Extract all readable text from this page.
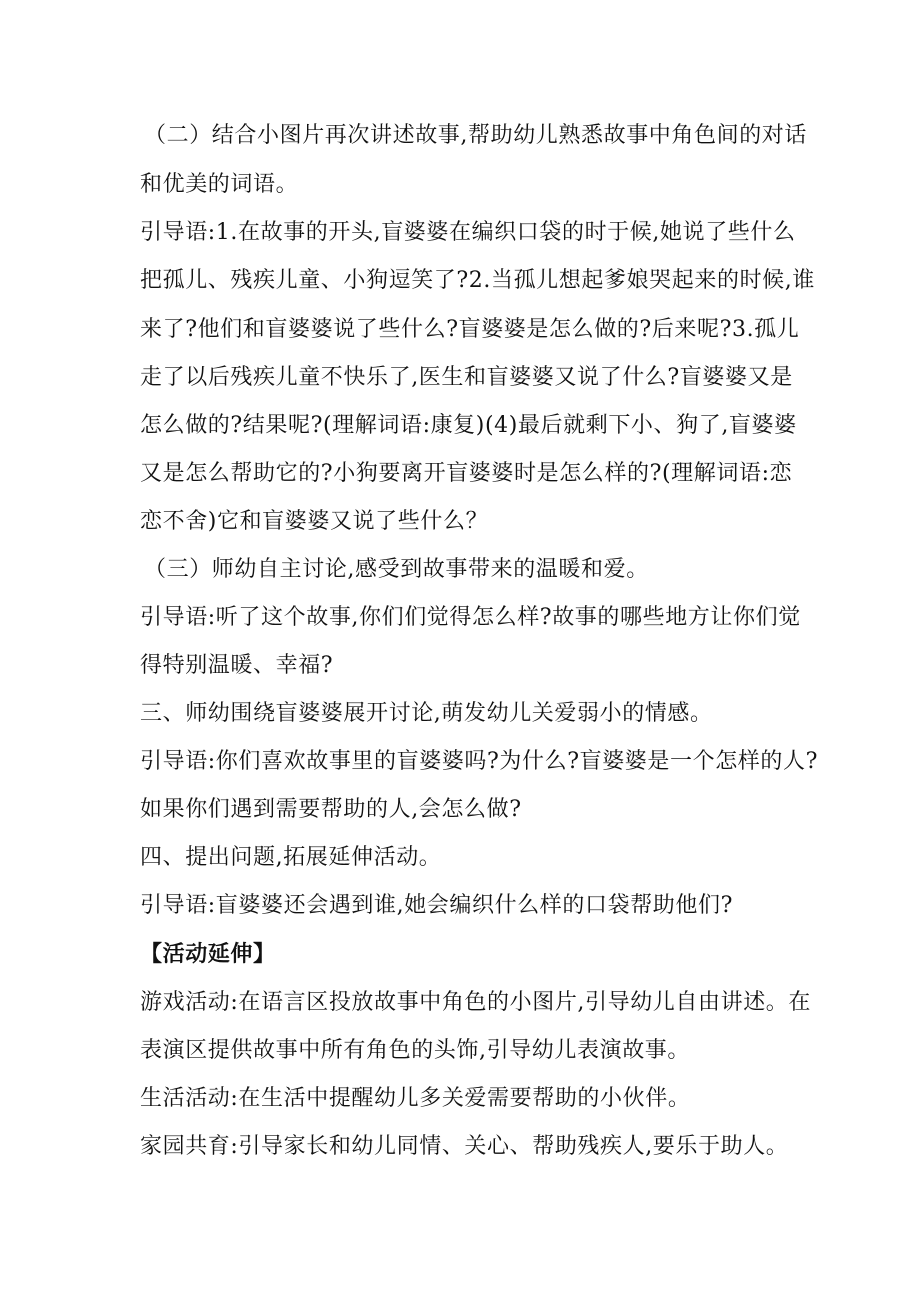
（二）结合小图片再次讲述故事,帮助幼儿熟悉故事中角色间的对话
和优美的词语。
引导语:1.在故事的开头,盲婆婆在编织口袋的时于候,她说了些什么
把孤儿、残疾儿童、小狗逗笑了?2.当孤儿想起爹娘哭起来的时候,谁
来了?他们和盲婆婆说了些什么?盲婆婆是怎么做的?后来呢?3.孤儿
走了以后残疾儿童不快乐了,医生和盲婆婆又说了什么?盲婆婆又是
怎么做的?结果呢?(理解词语:康复)(4)最后就剩下小、狗了,盲婆婆
又是怎么帮助它的?小狗要离开盲婆婆时是怎么样的?(理解词语:恋
恋不舍)它和盲婆婆又说了些什么？
（三）师幼自主讨论,感受到故事带来的温暖和爱。
引导语:听了这个故事,你们们觉得怎么样?故事的哪些地方让你们觉
得特别温暖、幸福?
三、师幼围绕盲婆婆展开讨论,萌发幼儿关爱弱小的情感。
引导语:你们喜欢故事里的盲婆婆吗?为什么?盲婆婆是一个怎样的人?
如果你们遇到需要帮助的人,会怎么做?
四、提出问题,拓展延伸活动。
引导语:盲婆婆还会遇到谁,她会编织什么样的口袋帮助他们?
【活动延伸】
游戏活动:在语言区投放故事中角色的小图片,引导幼儿自由讲述。在
表演区提供故事中所有角色的头饰,引导幼儿表演故事。
生活活动:在生活中提醒幼儿多关爱需要帮助的小伙伴。
家园共育:引导家长和幼儿同情、关心、帮助残疾人,要乐于助人。
